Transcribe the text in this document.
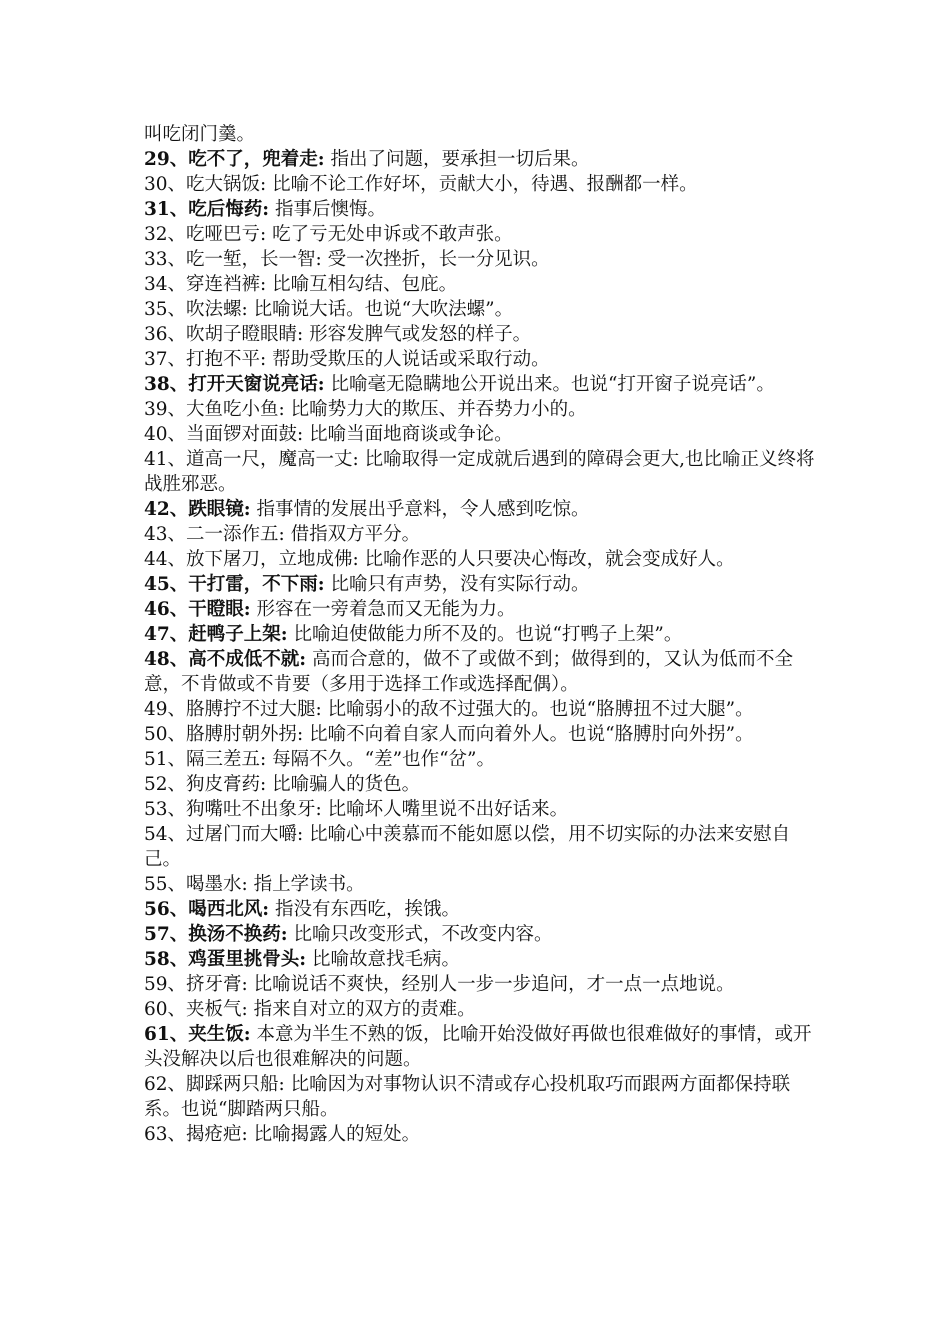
叫吃闭门羹。

29、吃不了，兜着走: 指出了问题，要承担一切后果。

30、吃大锅饭: 比喻不论工作好坏，贡献大小，待遇、报酬都一样。

31、吃后悔药: 指事后懊悔。

32、吃哑巴亏: 吃了亏无处申诉或不敢声张。

33、吃一堑，长一智: 受一次挫折，长一分见识。

34、穿连裆裤: 比喻互相勾结、包庇。

35、吹法螺: 比喻说大话。也说“大吹法螺”。

36、吹胡子瞪眼睛: 形容发脾气或发怒的样子。

37、打抱不平: 帮助受欺压的人说话或采取行动。

38、打开天窗说亮话: 比喻毫无隐瞒地公开说出来。也说“打开窗子说亮话”。

39、大鱼吃小鱼: 比喻势力大的欺压、并吞势力小的。

40、当面锣对面鼓: 比喻当面地商谈或争论。

41、道高一尺，魔高一丈: 比喻取得一定成就后遇到的障碍会更大,也比喻正义终将战胜邪恶。

42、跌眼镜: 指事情的发展出乎意料，令人感到吃惊。

43、二一添作五: 借指双方平分。

44、放下屠刀，立地成佛: 比喻作恶的人只要决心悔改，就会变成好人。

45、干打雷，不下雨: 比喻只有声势，没有实际行动。

46、干瞪眼: 形容在一旁着急而又无能为力。

47、赶鸭子上架: 比喻迫使做能力所不及的。也说“打鸭子上架”。

48、高不成低不就: 高而合意的，做不了或做不到；做得到的，又认为低而不全意，不肯做或不肯要（多用于选择工作或选择配偶）。

49、胳膊拧不过大腿: 比喻弱小的敌不过强大的。也说“胳膊扭不过大腿”。

50、胳膊肘朝外拐: 比喻不向着自家人而向着外人。也说“胳膊肘向外拐”。

51、隔三差五: 每隔不久。“差”也作“岔”。

52、狗皮膏药: 比喻骗人的货色。

53、狗嘴吐不出象牙: 比喻坏人嘴里说不出好话来。

54、过屠门而大嚼: 比喻心中羡慕而不能如愿以偿，用不切实际的办法来安慰自己。

55、喝墨水: 指上学读书。

56、喝西北风: 指没有东西吃，挨饿。

57、换汤不换药: 比喻只改变形式，不改变内容。

58、鸡蛋里挑骨头: 比喻故意找毛病。

59、挤牙膏: 比喻说话不爽快，经别人一步一步追问，才一点一点地说。

60、夹板气: 指来自对立的双方的责难。

61、夹生饭: 本意为半生不熟的饭，比喻开始没做好再做也很难做好的事情，或开头没解决以后也很难解决的问题。

62、脚踩两只船: 比喻因为对事物认识不清或存心投机取巧而跟两方面都保持联系。也说“脚踏两只船。

63、揭疮疤: 比喻揭露人的短处。
